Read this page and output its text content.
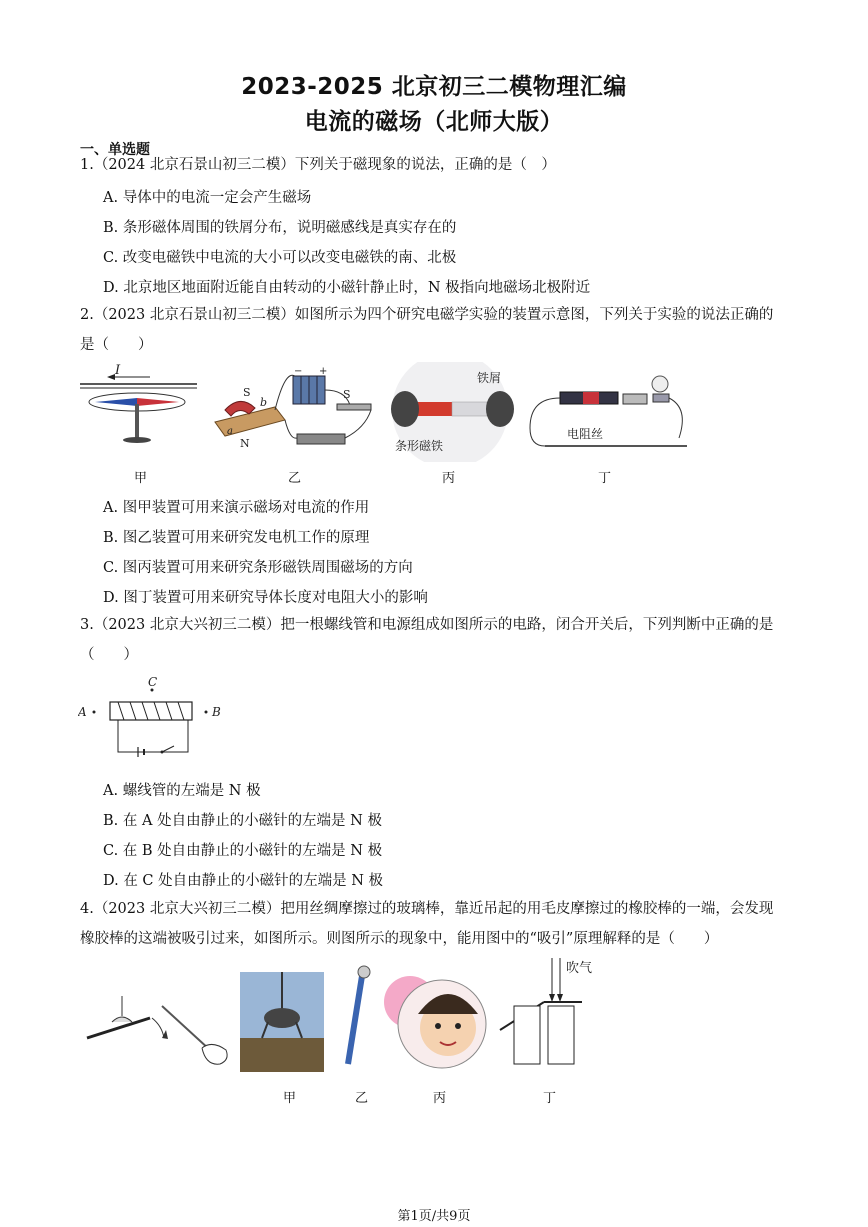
2023-2025 北京初三二模物理汇编
电流的磁场（北师大版）
一、单选题
1.（2024 北京石景山初三二模）下列关于磁现象的说法，正确的是（　）
A. 导体中的电流一定会产生磁场
B. 条形磁体周围的铁屑分布，说明磁感线是真实存在的
C. 改变电磁铁中电流的大小可以改变电磁铁的南、北极
D. 北京地区地面附近能自由转动的小磁针静止时，N 极指向地磁场北极附近
2.（2023 北京石景山初三二模）如图所示为四个研究电磁学实验的装置示意图，下列关于实验的说法正确的
是（　　）
I
S
b
N
a
− +
S
铁屑
条形磁铁
电阻丝
甲	乙	丙	丁
A. 图甲装置可用来演示磁场对电流的作用
B. 图乙装置可用来研究发电机工作的原理
C. 图丙装置可用来研究条形磁铁周围磁场的方向
D. 图丁装置可用来研究导体长度对电阻大小的影响
3.（2023 北京大兴初三二模）把一根螺线管和电源组成如图所示的电路，闭合开关后，下列判断中正确的是
（　　）
C
A	B
A. 螺线管的左端是 N 极
B. 在 A 处自由静止的小磁针的左端是 N 极
C. 在 B 处自由静止的小磁针的左端是 N 极
D. 在 C 处自由静止的小磁针的左端是 N 极
4.（2023 北京大兴初三二模）把用丝绸摩擦过的玻璃棒，靠近吊起的用毛皮摩擦过的橡胶棒的一端，会发现
橡胶棒的这端被吸引过来，如图所示。则图所示的现象中，能用图中的“吸引”原理解释的是（　　）
吹气
甲	乙	丙	丁
第1页/共9页
